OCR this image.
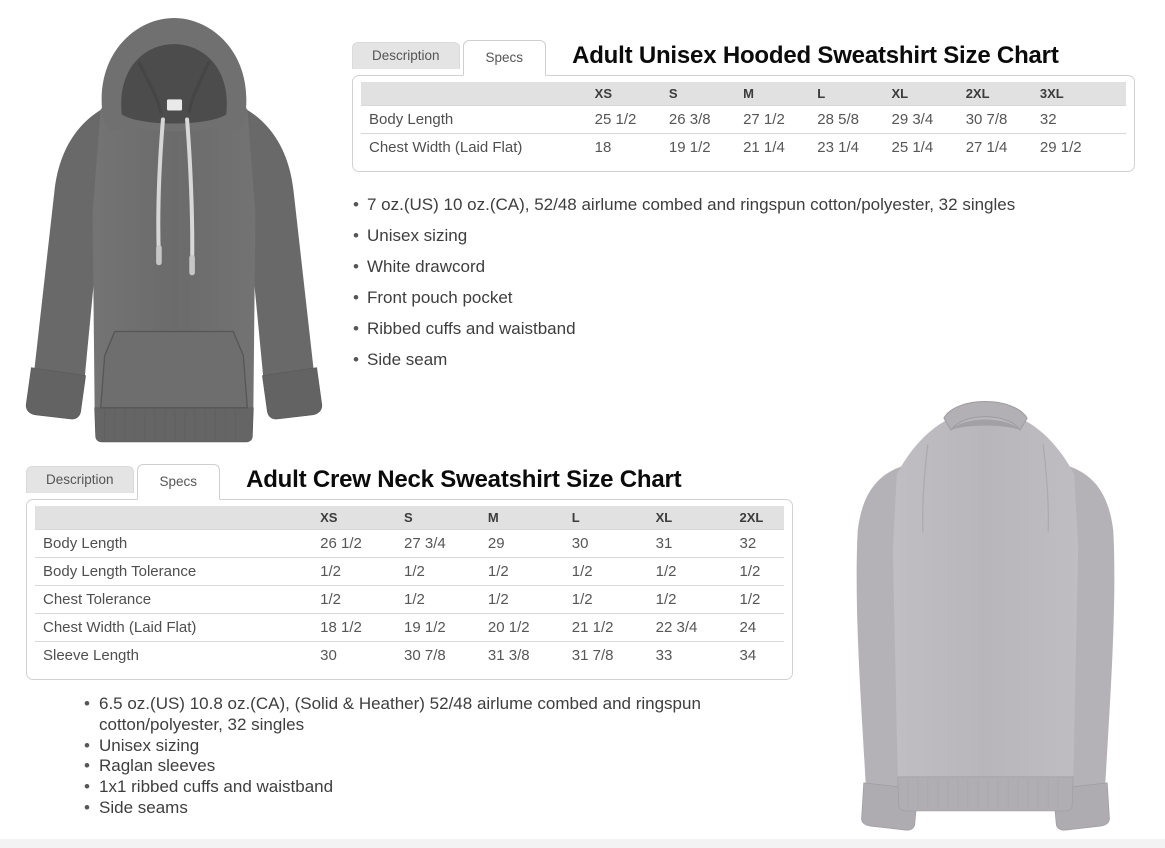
Description	Specs	Adult Unisex Hooded Sweatshirt Size Chart
	XS	S	M	L	XL	2XL	3XL
Body Length	25 1/2	26 3/8	27 1/2	28 5/8	29 3/4	30 7/8	32
Chest Width (Laid Flat)	18	19 1/2	21 1/4	23 1/4	25 1/4	27 1/4	29 1/2
• 7 oz.(US) 10 oz.(CA), 52/48 airlume combed and ringspun cotton/polyester, 32 singles
• Unisex sizing
• White drawcord
• Front pouch pocket
• Ribbed cuffs and waistband
• Side seam
Description	Specs	Adult Crew Neck Sweatshirt Size Chart
	XS	S	M	L	XL	2XL
Body Length	26 1/2	27 3/4	29	30	31	32
Body Length Tolerance	1/2	1/2	1/2	1/2	1/2	1/2
Chest Tolerance	1/2	1/2	1/2	1/2	1/2	1/2
Chest Width (Laid Flat)	18 1/2	19 1/2	20 1/2	21 1/2	22 3/4	24
Sleeve Length	30	30 7/8	31 3/8	31 7/8	33	34
• 6.5 oz.(US) 10.8 oz.(CA), (Solid & Heather) 52/48 airlume combed and ringspun cotton/polyester, 32 singles
• Unisex sizing
• Raglan sleeves
• 1x1 ribbed cuffs and waistband
• Side seams
